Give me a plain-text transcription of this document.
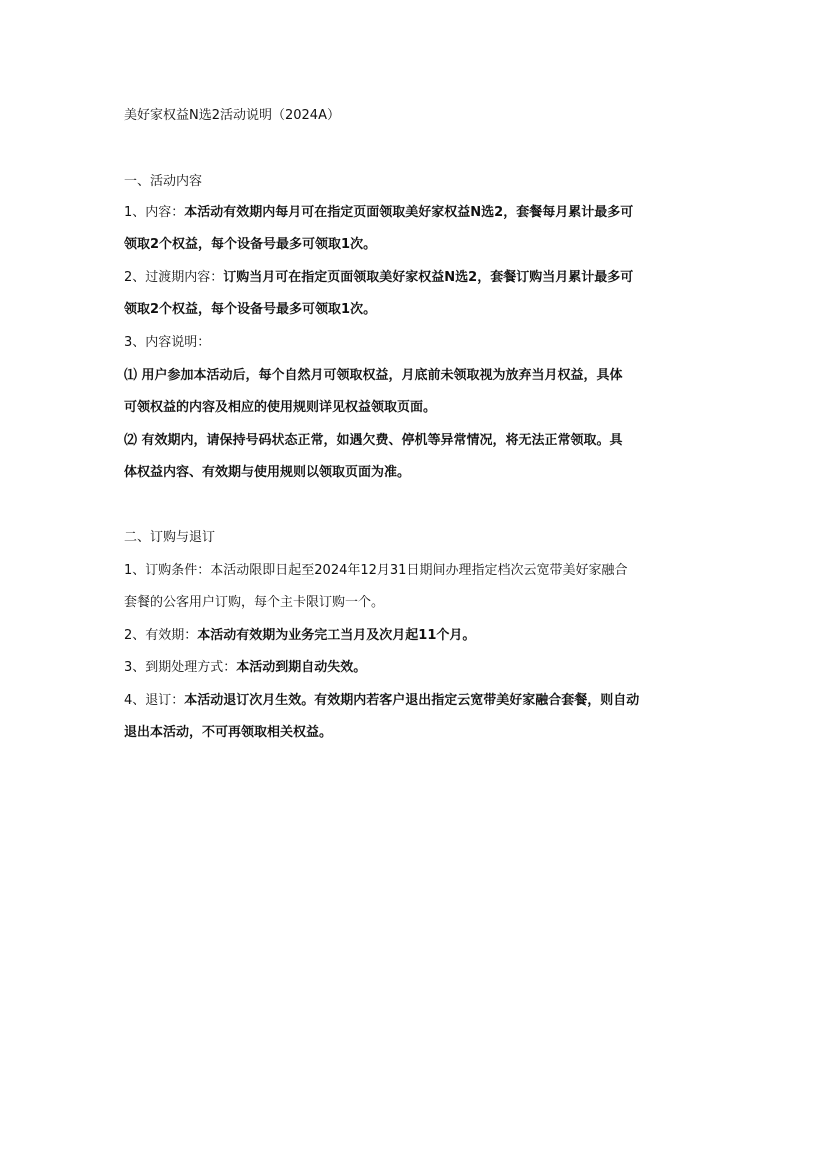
美好家权益N选2活动说明（2024A）
一、活动内容
1、内容：本活动有效期内每月可在指定页面领取美好家权益N选2，套餐每月累计最多可
领取2个权益，每个设备号最多可领取1次。
2、过渡期内容：订购当月可在指定页面领取美好家权益N选2，套餐订购当月累计最多可
领取2个权益，每个设备号最多可领取1次。
3、内容说明：
⑴ 用户参加本活动后，每个自然月可领取权益，月底前未领取视为放弃当月权益，具体
可领权益的内容及相应的使用规则详见权益领取页面。
⑵ 有效期内，请保持号码状态正常，如遇欠费、停机等异常情况，将无法正常领取。具
体权益内容、有效期与使用规则以领取页面为准。
二、订购与退订
1、订购条件：本活动限即日起至2024年12月31日期间办理指定档次云宽带美好家融合
套餐的公客用户订购，每个主卡限订购一个。
2、有效期：本活动有效期为业务完工当月及次月起11个月。
3、到期处理方式：本活动到期自动失效。
4、退订：本活动退订次月生效。有效期内若客户退出指定云宽带美好家融合套餐，则自动
退出本活动，不可再领取相关权益。
